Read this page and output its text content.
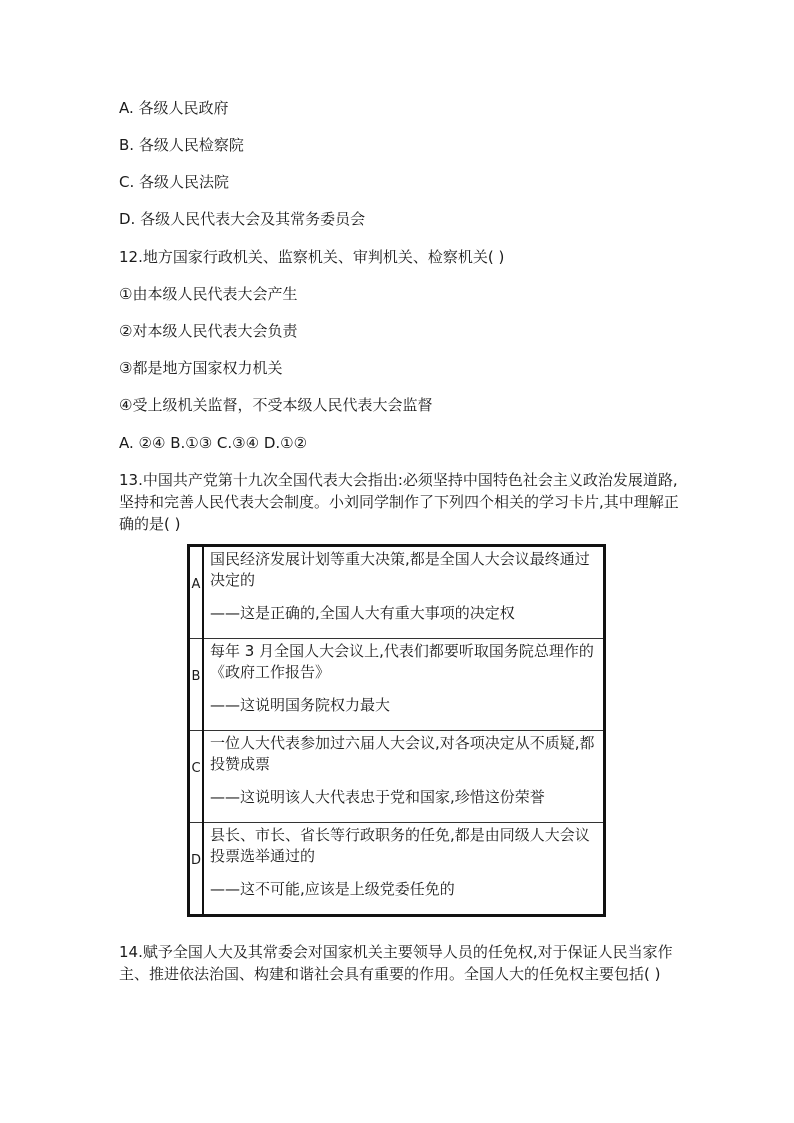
A. 各级人民政府
B. 各级人民检察院
C. 各级人民法院
D. 各级人民代表大会及其常务委员会
12.地方国家行政机关、监察机关、审判机关、检察机关( )
①由本级人民代表大会产生
②对本级人民代表大会负责
③都是地方国家权力机关
④受上级机关监督，不受本级人民代表大会监督
A. ②④ B.①③ C.③④ D.①②
13.中国共产党第十九次全国代表大会指出:必须坚持中国特色社会主义政治发展道路,坚持和完善人民代表大会制度。小刘同学制作了下列四个相关的学习卡片,其中理解正确的是( )
A	国民经济发展计划等重大决策,都是全国人大会议最终通过决定的
——这是正确的,全国人大有重大事项的决定权

B	每年 3 月全国人大会议上,代表们都要听取国务院总理作的《政府工作报告》
——这说明国务院权力最大

C	一位人大代表参加过六届人大会议,对各项决定从不质疑,都投赞成票
——这说明该人大代表忠于党和国家,珍惜这份荣誉

D	县长、市长、省长等行政职务的任免,都是由同级人大会议投票选举通过的
——这不可能,应该是上级党委任免的
14.赋予全国人大及其常委会对国家机关主要领导人员的任免权,对于保证人民当家作主、推进依法治国、构建和谐社会具有重要的作用。全国人大的任免权主要包括( )
